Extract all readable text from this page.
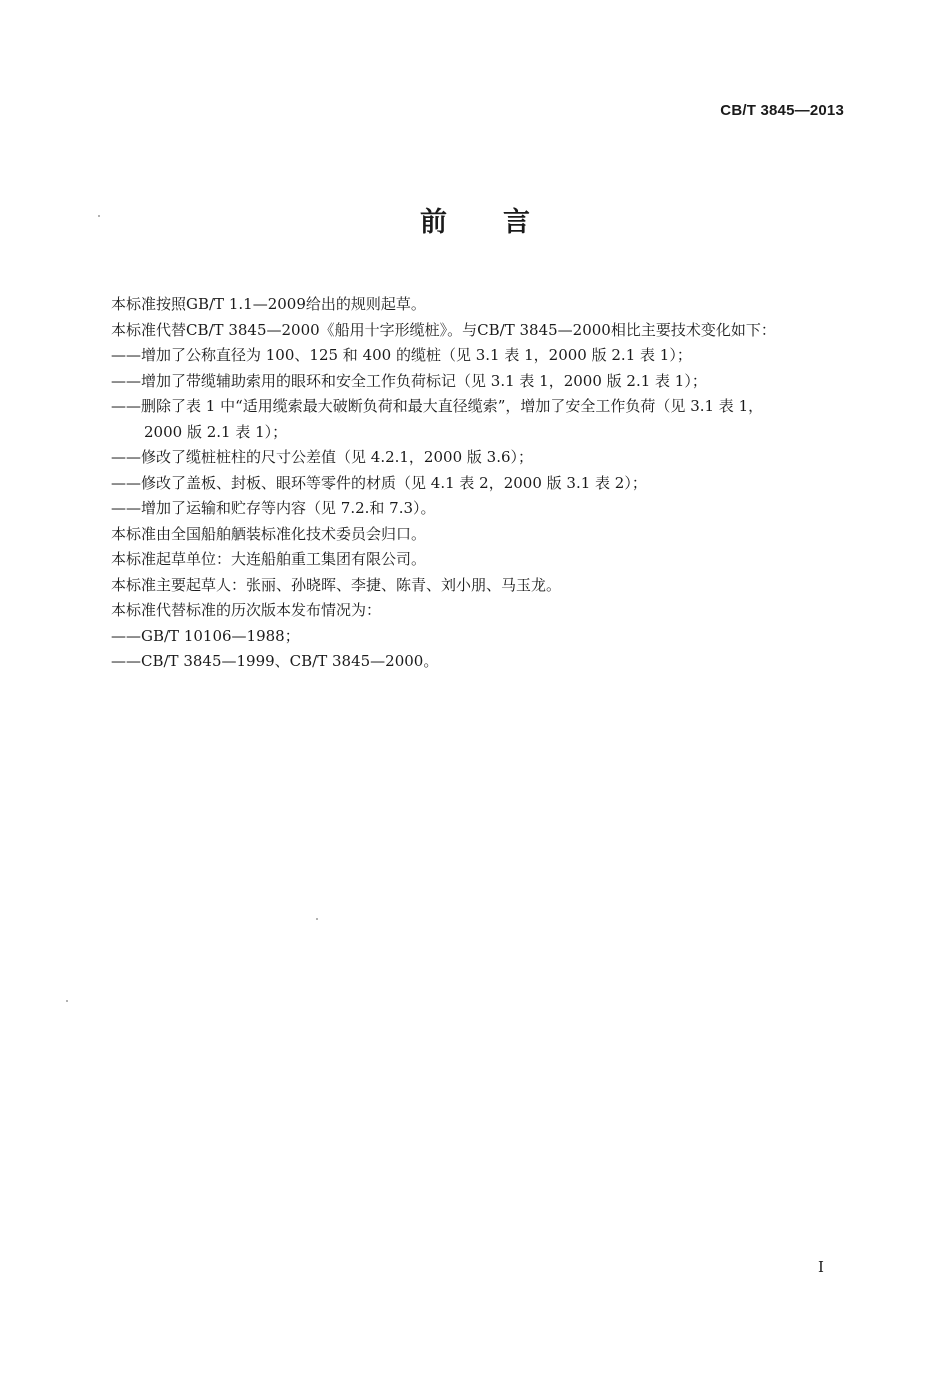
CB/T 3845—2013
前言
本标准按照GB/T 1.1—2009给出的规则起草。
本标准代替CB/T 3845—2000《船用十字形缆桩》。与CB/T 3845—2000相比主要技术变化如下：
——增加了公称直径为 100、125 和 400 的缆桩（见 3.1 表 1，2000 版 2.1 表 1）；
——增加了带缆辅助索用的眼环和安全工作负荷标记（见 3.1 表 1，2000 版 2.1 表 1）；
——删除了表 1 中“适用缆索最大破断负荷和最大直径缆索”，增加了安全工作负荷（见 3.1 表 1，
2000 版 2.1 表 1）；
——修改了缆桩桩柱的尺寸公差值（见 4.2.1，2000 版 3.6）；
——修改了盖板、封板、眼环等零件的材质（见 4.1 表 2，2000 版 3.1 表 2）；
——增加了运输和贮存等内容（见 7.2.和 7.3）。
本标准由全国船舶舾装标准化技术委员会归口。
本标准起草单位：大连船舶重工集团有限公司。
本标准主要起草人：张丽、孙晓晖、李捷、陈青、刘小朋、马玉龙。
本标准代替标准的历次版本发布情况为：
——GB/T 10106—1988；
——CB/T 3845—1999、CB/T 3845—2000。
I
